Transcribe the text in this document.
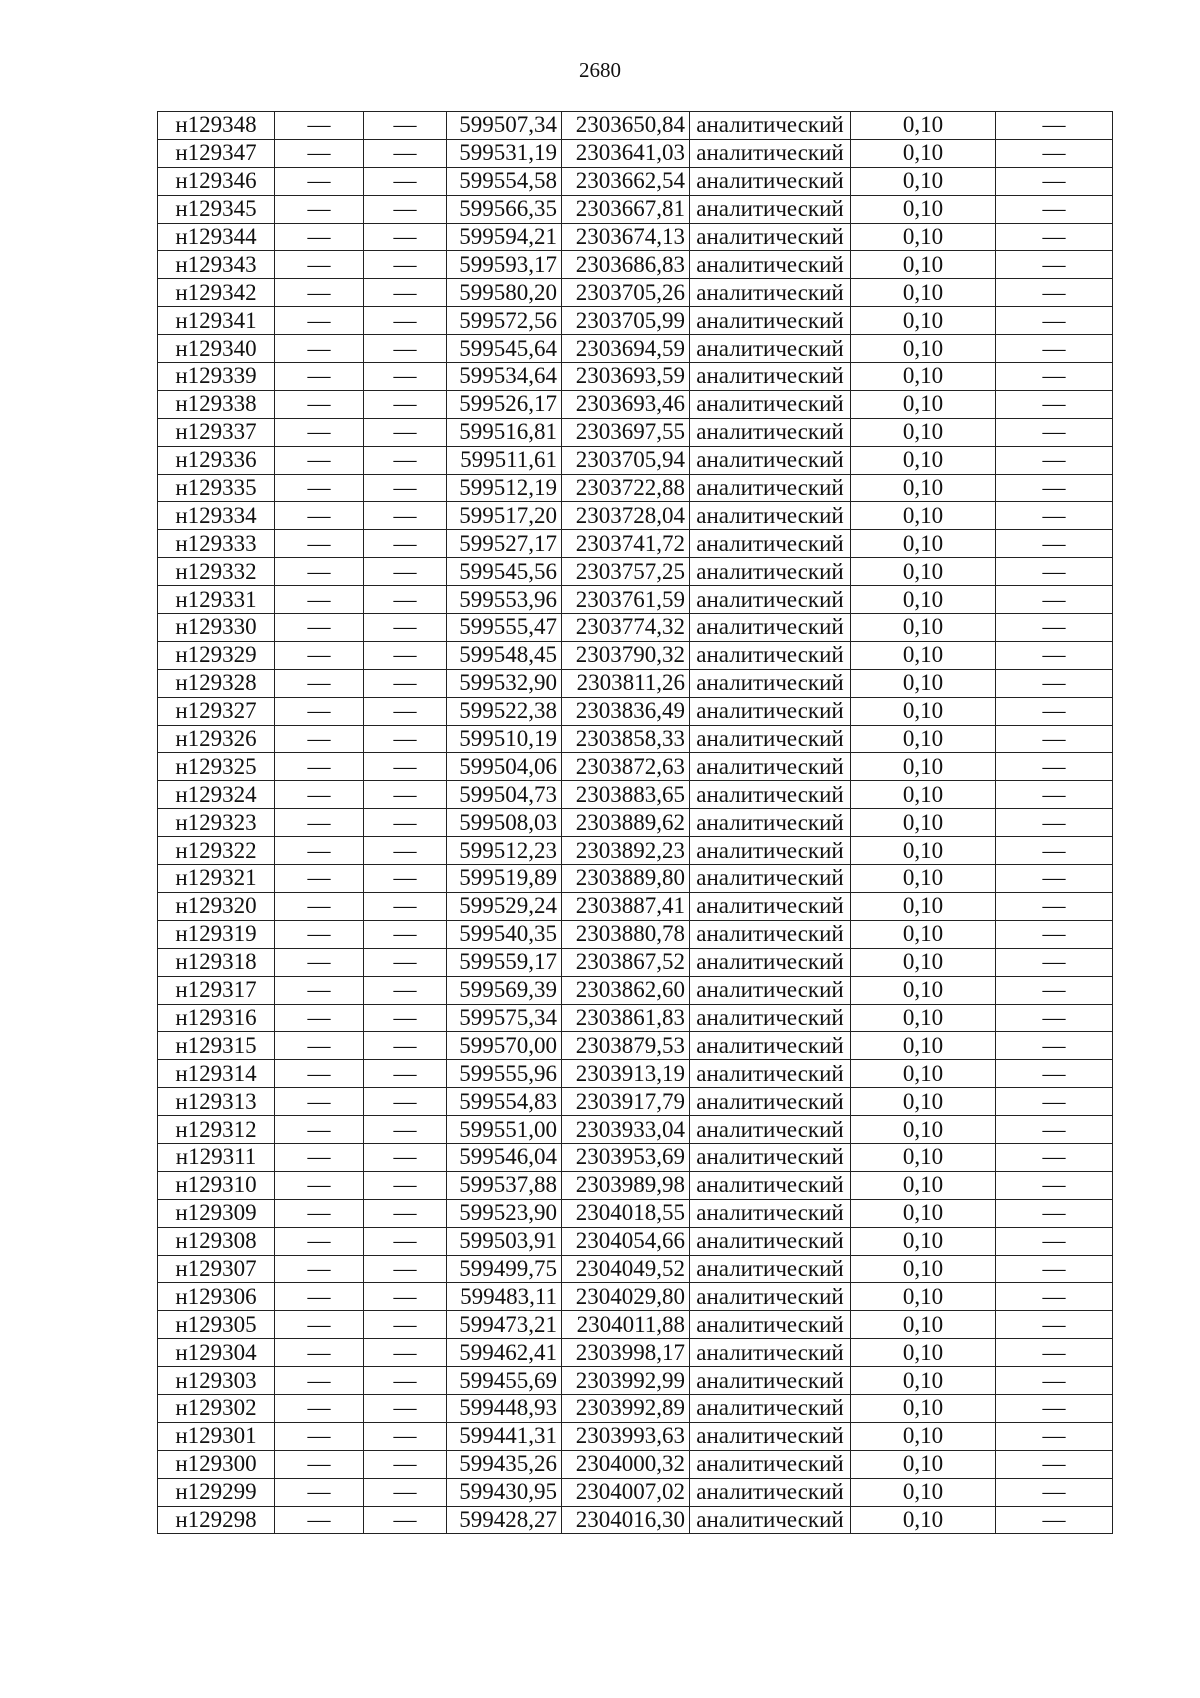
2680
н129348	—	—	599507,34	2303650,84	аналитический	0,10	—
н129347	—	—	599531,19	2303641,03	аналитический	0,10	—
н129346	—	—	599554,58	2303662,54	аналитический	0,10	—
н129345	—	—	599566,35	2303667,81	аналитический	0,10	—
н129344	—	—	599594,21	2303674,13	аналитический	0,10	—
н129343	—	—	599593,17	2303686,83	аналитический	0,10	—
н129342	—	—	599580,20	2303705,26	аналитический	0,10	—
н129341	—	—	599572,56	2303705,99	аналитический	0,10	—
н129340	—	—	599545,64	2303694,59	аналитический	0,10	—
н129339	—	—	599534,64	2303693,59	аналитический	0,10	—
н129338	—	—	599526,17	2303693,46	аналитический	0,10	—
н129337	—	—	599516,81	2303697,55	аналитический	0,10	—
н129336	—	—	599511,61	2303705,94	аналитический	0,10	—
н129335	—	—	599512,19	2303722,88	аналитический	0,10	—
н129334	—	—	599517,20	2303728,04	аналитический	0,10	—
н129333	—	—	599527,17	2303741,72	аналитический	0,10	—
н129332	—	—	599545,56	2303757,25	аналитический	0,10	—
н129331	—	—	599553,96	2303761,59	аналитический	0,10	—
н129330	—	—	599555,47	2303774,32	аналитический	0,10	—
н129329	—	—	599548,45	2303790,32	аналитический	0,10	—
н129328	—	—	599532,90	2303811,26	аналитический	0,10	—
н129327	—	—	599522,38	2303836,49	аналитический	0,10	—
н129326	—	—	599510,19	2303858,33	аналитический	0,10	—
н129325	—	—	599504,06	2303872,63	аналитический	0,10	—
н129324	—	—	599504,73	2303883,65	аналитический	0,10	—
н129323	—	—	599508,03	2303889,62	аналитический	0,10	—
н129322	—	—	599512,23	2303892,23	аналитический	0,10	—
н129321	—	—	599519,89	2303889,80	аналитический	0,10	—
н129320	—	—	599529,24	2303887,41	аналитический	0,10	—
н129319	—	—	599540,35	2303880,78	аналитический	0,10	—
н129318	—	—	599559,17	2303867,52	аналитический	0,10	—
н129317	—	—	599569,39	2303862,60	аналитический	0,10	—
н129316	—	—	599575,34	2303861,83	аналитический	0,10	—
н129315	—	—	599570,00	2303879,53	аналитический	0,10	—
н129314	—	—	599555,96	2303913,19	аналитический	0,10	—
н129313	—	—	599554,83	2303917,79	аналитический	0,10	—
н129312	—	—	599551,00	2303933,04	аналитический	0,10	—
н129311	—	—	599546,04	2303953,69	аналитический	0,10	—
н129310	—	—	599537,88	2303989,98	аналитический	0,10	—
н129309	—	—	599523,90	2304018,55	аналитический	0,10	—
н129308	—	—	599503,91	2304054,66	аналитический	0,10	—
н129307	—	—	599499,75	2304049,52	аналитический	0,10	—
н129306	—	—	599483,11	2304029,80	аналитический	0,10	—
н129305	—	—	599473,21	2304011,88	аналитический	0,10	—
н129304	—	—	599462,41	2303998,17	аналитический	0,10	—
н129303	—	—	599455,69	2303992,99	аналитический	0,10	—
н129302	—	—	599448,93	2303992,89	аналитический	0,10	—
н129301	—	—	599441,31	2303993,63	аналитический	0,10	—
н129300	—	—	599435,26	2304000,32	аналитический	0,10	—
н129299	—	—	599430,95	2304007,02	аналитический	0,10	—
н129298	—	—	599428,27	2304016,30	аналитический	0,10	—
